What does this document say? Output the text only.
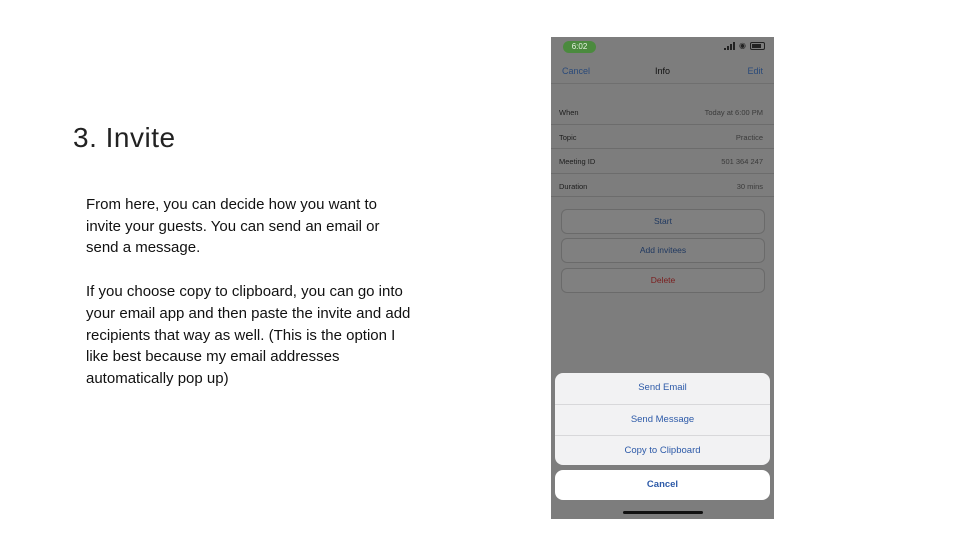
3. Invite

From here, you can decide how you want to invite your guests. You can send an email or send a message.

If you choose copy to clipboard, you can go into your email app and then paste the invite and add recipients that way as well. (This is the option I like best because my email addresses automatically pop up)

6:02	◉
Cancel	Info	Edit
When	Today at 6:00 PM
Topic	Practice
Meeting ID	501 364 247
Duration	30 mins
Start
Add invitees
Delete
Send Email
Send Message
Copy to Clipboard
Cancel
